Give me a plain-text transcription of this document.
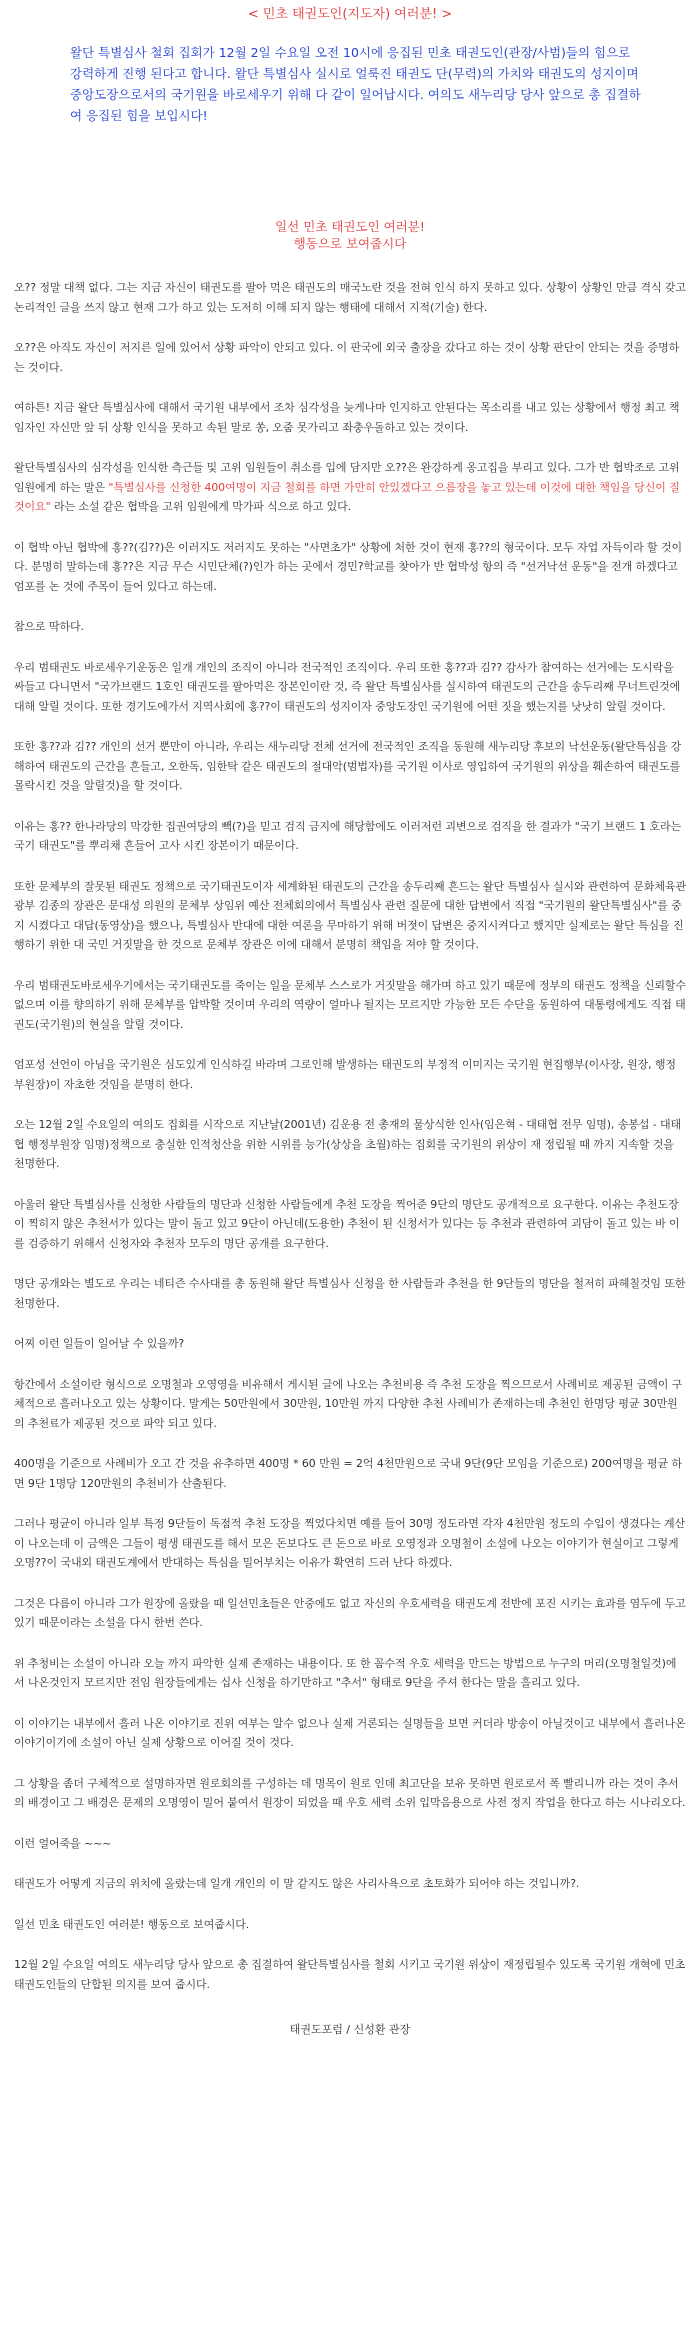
< 민초 태권도인(지도자) 여러분! >

왈단 특별심사 철회 집회가 12월 2일 수요일 오전 10시에 응집된 민초 태권도인(관장/사범)들의 힘으로 강력하게 진행 된다고 합니다. 왈단 특별심사 실시로 얼룩진 태권도 단(무력)의 가치와 태권도의 성지이며 중앙도장으로서의 국기원을 바로세우기 위해 다 같이 일어납시다. 여의도 새누리당 당사 앞으로 총 집결하여 응집된 힘을 보입시다!

일선 민초 태권도인 여러분!
행동으로 보여줍시다

오?? 정말 대책 없다. 그는 지금 자신이 태권도를 팔아 먹은 태권도의 매국노란 것을 전혀 인식 하지 못하고 있다. 상황이 상황인 만큼 격식 갖고 논리적인 글을 쓰지 않고 현재 그가 하고 있는 도저히 이해 되지 않는 행태에 대해서 지적(기술) 한다.

오??은 아직도 자신이 저지른 일에 있어서 상황 파악이 안되고 있다. 이 판국에 외국 출장을 갔다고 하는 것이 상황 판단이 안되는 것을 증명하는 것이다.

여하튼! 지금 왈단 특별심사에 대해서 국기원 내부에서 조차 심각성을 늦게나마 인지하고 안된다는 목소리를 내고 있는 상황에서 행정 최고 책임자인 자신만 앞 뒤 상황 인식을 못하고 속된 말로 쏭, 오줌 못가리고 좌충우돌하고 있는 것이다.

왈단특별심사의 심각성을 인식한 측근들 및 고위 임원들이 취소를 입에 담지만 오??은 완강하게 옹고집을 부리고 있다. 그가 반 협박조로 고위 임원에게 하는 말은 "특별심사를 신청한 400여명이 지금 철회를 하면 가만히 안있겠다고 으름장을 놓고 있는데 이것에 대한 책임을 당신이 질 것이요" 라는 소설 같은 협박을 고위 임원에게 막가파 식으로 하고 있다.

이 협박 아닌 협박에 홍??(김??)은 이러지도 저러지도 못하는 "사면초가" 상황에 처한 것이 현재 홍??의 형국이다. 모두 자업 자득이라 할 것이다. 분명히 말하는데 홍??은 지금 무슨 시민단체(?)인가 하는 곳에서 경민?학교를 찾아가 반 협박성 항의 즉 "선거낙선 운동"을 전개 하겠다고 엄포를 논 것에 주목이 들어 있다고 하는데.

참으로 딱하다.

우리 범태권도 바로세우기운동은 일개 개인의 조직이 아니라 전국적인 조직이다. 우리 또한 홍??과 김?? 감사가 참여하는 선거에는 도시락을 싸들고 다니면서 "국가브랜드 1호인 태권도를 팔아먹은 장본인이란 것, 즉 왈단 특별심사를 실시하여 태권도의 근간을 송두리째 무너트린것에 대해 알릴 것이다. 또한 경기도에가서 지역사회에 홍??이 태권도의 성지이자 중앙도장인 국기원에 어떤 짓을 했는지를 낫낫히 알릴 것이다.

또한 홍??과 김?? 개인의 선거 뿐만이 아니라, 우리는 새누리당 전체 선거에 전국적인 조직을 동원해 새누리당 후보의 낙선운동(왈단특심을 강해하여 태권도의 근간을 흔들고, 오한독, 임한탁 같은 태권도의 절대악(범법자)를 국기원 이사로 영입하여 국기원의 위상을 훼손하여 태권도를 몰락시킨 것을 알릴것)을 할 것이다.

이유는 홍?? 한나라당의 막강한 집권여당의 빽(?)을 믿고 검직 금지에 해당함에도 이러저런 괴변으로 검직을 한 결과가 "국기 브랜드 1 호라는 국기 태권도"를 뿌리채 흔들어 고사 시킨 장본이기 때문이다.

또한 문체부의 잘못된 태권도 정책으로 국기태권도이자 세계화된 태권도의 근간을 송두리째 흔드는 왈단 특별심사 실시와 관련하여 문화체육관광부 김종의 장관은 문대성 의원의 문체부 상임위 예산 전체회의에서 특별심사 관련 질문에 대한 답변에서 직접 "국기원의 왈단특별심사"를 중지 시켰다고 대답(동영상)을 했으나, 특별심사 반대에 대한 여론을 무마하기 위해 버젓이 답변은 중지시켜다고 했지만 실제로는 왈단 특심을 진행하기 위한 대 국민 거짓말을 한 것으로 문체부 장관은 이에 대해서 분명히 책임을 져야 할 것이다.

우리 범태권도바로세우기에서는 국기태권도를 죽이는 일을 문체부 스스로가 거짓말을 해가며 하고 있기 때문에 정부의 태권도 정책을 신뢰할수 없으며 이를 향의하기 위해 문체부를 압박할 것이며 우리의 역량이 얼마나 될지는 모르지만 가능한 모든 수단을 동원하여 대통령에게도 직접 태권도(국기원)의 현실을 알릴 것이다.

엄포성 선언이 아님을 국기원은 심도있게 인식하길 바라며 그로인해 발생하는 태권도의 부정적 이미지는 국기원 현집행부(이사장, 원장, 행정부원장)이 자초한 것임을 분명히 한다.

오는 12월 2일 수요일의 여의도 집회를 시작으로 지난날(2001년) 김운용 전 총재의 물상식한 인사(임은혁 - 대태협 전무 임명), 송봉섭 - 대태협 행정부원장 임명)정책으로 충실한 인적청산을 위한 시위를 능가(상상을 초월)하는 집회를 국기원의 위상이 재 정립될 때 까지 지속할 것을 천명한다.

아울러 왈단 특별심사를 신청한 사람들의 명단과 신청한 사람들에게 추천 도장을 찍어준 9단의 명단도 공개적으로 요구한다. 이유는 추천도장이 찍히지 않은 추천서가 있다는 말이 돌고 있고 9단이 아닌데(도용한) 추천이 된 신청서가 있다는 등 추천과 관련하여 괴담이 돌고 있는 바 이를 검증하기 위해서 신청자와 추천자 모두의 명단 공개를 요구한다.

명단 공개와는 별도로 우리는 네티즌 수사대를 총 동원해 왈단 특별심사 신청을 한 사람들과 추천을 한 9단들의 명단을 철저히 파헤칠것임 또한 천명한다.

어찌 이런 일들이 일어날 수 있을까?

항간에서 소설이란 형식으로 오명철과 오영영을 비유해서 게시된 글에 나오는 추천비용 즉 추천 도장을 찍으므로서 사례비로 제공된 금액이 구체적으로 흘러나오고 있는 상황이다. 말게는 50만원에서 30만원, 10만원 까지 다양한 추천 사례비가 존재하는데 추천인 한명당 평균 30만원의 추천료가 제공된 것으로 파악 되고 있다.

400명을 기준으로 사례비가 오고 간 것을 유추하면 400명 * 60 만원 = 2억 4천만원으로 국내 9단(9단 모임을 기준으로) 200여명을 평균 하면 9단 1명당 120만원의 추천비가 산출된다.

그러나 평균이 아니라 일부 특정 9단들이 독점적 추천 도장을 찍었다치면 예를 들어 30명 정도라면 각자 4천만원 정도의 수입이 생겼다는 계산이 나오는데 이 금액은 그들이 평생 태권도를 해서 모은 돈보다도 큰 돈으로 바로 오영정과 오명철이 소설에 나오는 이야기가 현실이고 그렇게 오명??이 국내외 태권도계에서 반대하는 특심을 밀어부치는 이유가 확연히 드러 난다 하겠다.

그것은 다름이 아니라 그가 원장에 올랐을 때 일선민초들은 안중에도 없고 자신의 우호세력을 태권도계 전반에 포진 시키는 효과를 염두에 두고 있기 때문이라는 소설을 다시 한번 쓴다.

위 추청비는 소설이 아니라 오늘 까지 파악한 실제 존재하는 내용이다. 또 한 꼼수적 우호 세력을 만드는 방법으로 누구의 머리(오명철일것)에서 나온것인지 모르지만 전임 원장들에게는 십사 신청을 하기만하고 "추서" 형태로 9단을 주셔 한다는 말을 흘리고 있다.

이 이야기는 내부에서 흘러 나온 이야기로 진위 여부는 알수 없으나 실제 거론되는 실명들을 보면 커더라 방송이 아닐것이고 내부에서 흘러나온 이야기이기에 소설이 아닌 실제 상황으로 이어질 것이 것다.

그 상황을 좀더 구체적으로 설명하자면 원로회의를 구성하는 데 명목이 원로 인데 최고단을 보유 못하면 원로로서 폭 빨리니까 라는 것이 추서의 배경이고 그 배경은 문제의 오명영이 밀어 붙여서 원장이 되었을 때 우호 세력 소위 입막음용으로 사전 정지 작업을 한다고 하는 시나리오다.

이런 얼어죽을 ~~~

태권도가 어떻게 지금의 위치에 올랐는데 일개 개인의 이 말 같지도 않은 사리사욕으로 초토화가 되어야 하는 것입니까?.

일선 민초 태권도인 여러분! 행동으로 보여줍시다.

12월 2일 수요일 여의도 새누리당 당사 앞으로 총 집결하여 왈단특별심사를 철회 시키고 국기원 위상이 재정립될수 있도록 국기원 개혁에 민초태권도인들의 단합된 의지를 보여 줍시다.

태권도포럼 / 신성환 관장
